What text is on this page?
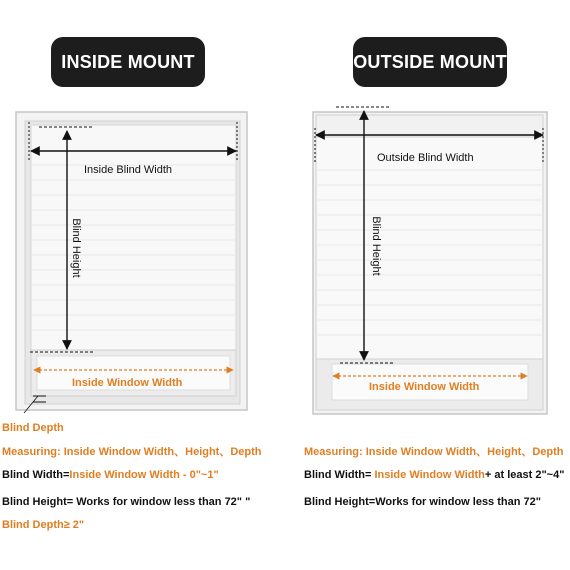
INSIDE MOUNT	OUTSIDE MOUNT
Blind Height	Blind Height
Inside Blind Width
Inside Window Width
Outside Blind Width
Inside Window Width
Blind Depth
Measuring: Inside Window Width、Height、Depth
Blind Width=Inside Window Width - 0"~1"
Blind Height= Works for window less than 72" "
Blind Depth≥ 2"
Measuring: Inside Window Width、Height、Depth
Blind Width= Inside Window Width+ at least 2"~4"
Blind Height=Works for window less than 72"
